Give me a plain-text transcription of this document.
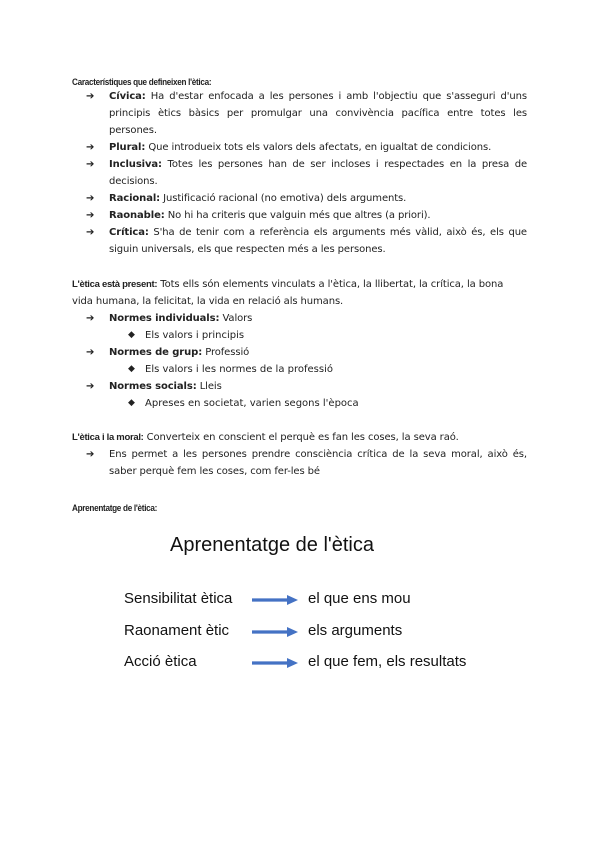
Característiques que defineixen l'ètica:
➔ Cívica: Ha d'estar enfocada a les persones i amb l'objectiu que s'asseguri d'uns principis ètics bàsics per promulgar una convivència pacífica entre totes les persones.
➔ Plural: Que introdueix tots els valors dels afectats, en igualtat de condicions.
➔ Inclusiva: Totes les persones han de ser incloses i respectades en la presa de decisions.
➔ Racional: Justificació racional (no emotiva) dels arguments.
➔ Raonable: No hi ha criteris que valguin més que altres (a priori).
➔ Crítica: S'ha de tenir com a referència els arguments més vàlid, això és, els que siguin universals, els que respecten més a les persones.

L'ètica està present: Tots ells són elements vinculats a l'ètica, la llibertat, la crítica, la bona vida humana, la felicitat, la vida en relació als humans.

➔ Normes individuals: Valors
◆ Els valors i principis
➔ Normes de grup: Professió
◆ Els valors i les normes de la professió
➔ Normes socials: Lleis
◆ Apreses en societat, varien segons l'època

L'ètica i la moral: Converteix en conscient el perquè es fan les coses, la seva raó.

➔ Ens permet a les persones prendre consciència crítica de la seva moral, això és, saber perquè fem les coses, com fer-les bé
Aprenentatge de l'ètica:
Aprenentatge de l'ètica
Sensibilitat ètica	el que ens mou
Raonament ètic	els arguments
Acció ètica	el que fem, els resultats
